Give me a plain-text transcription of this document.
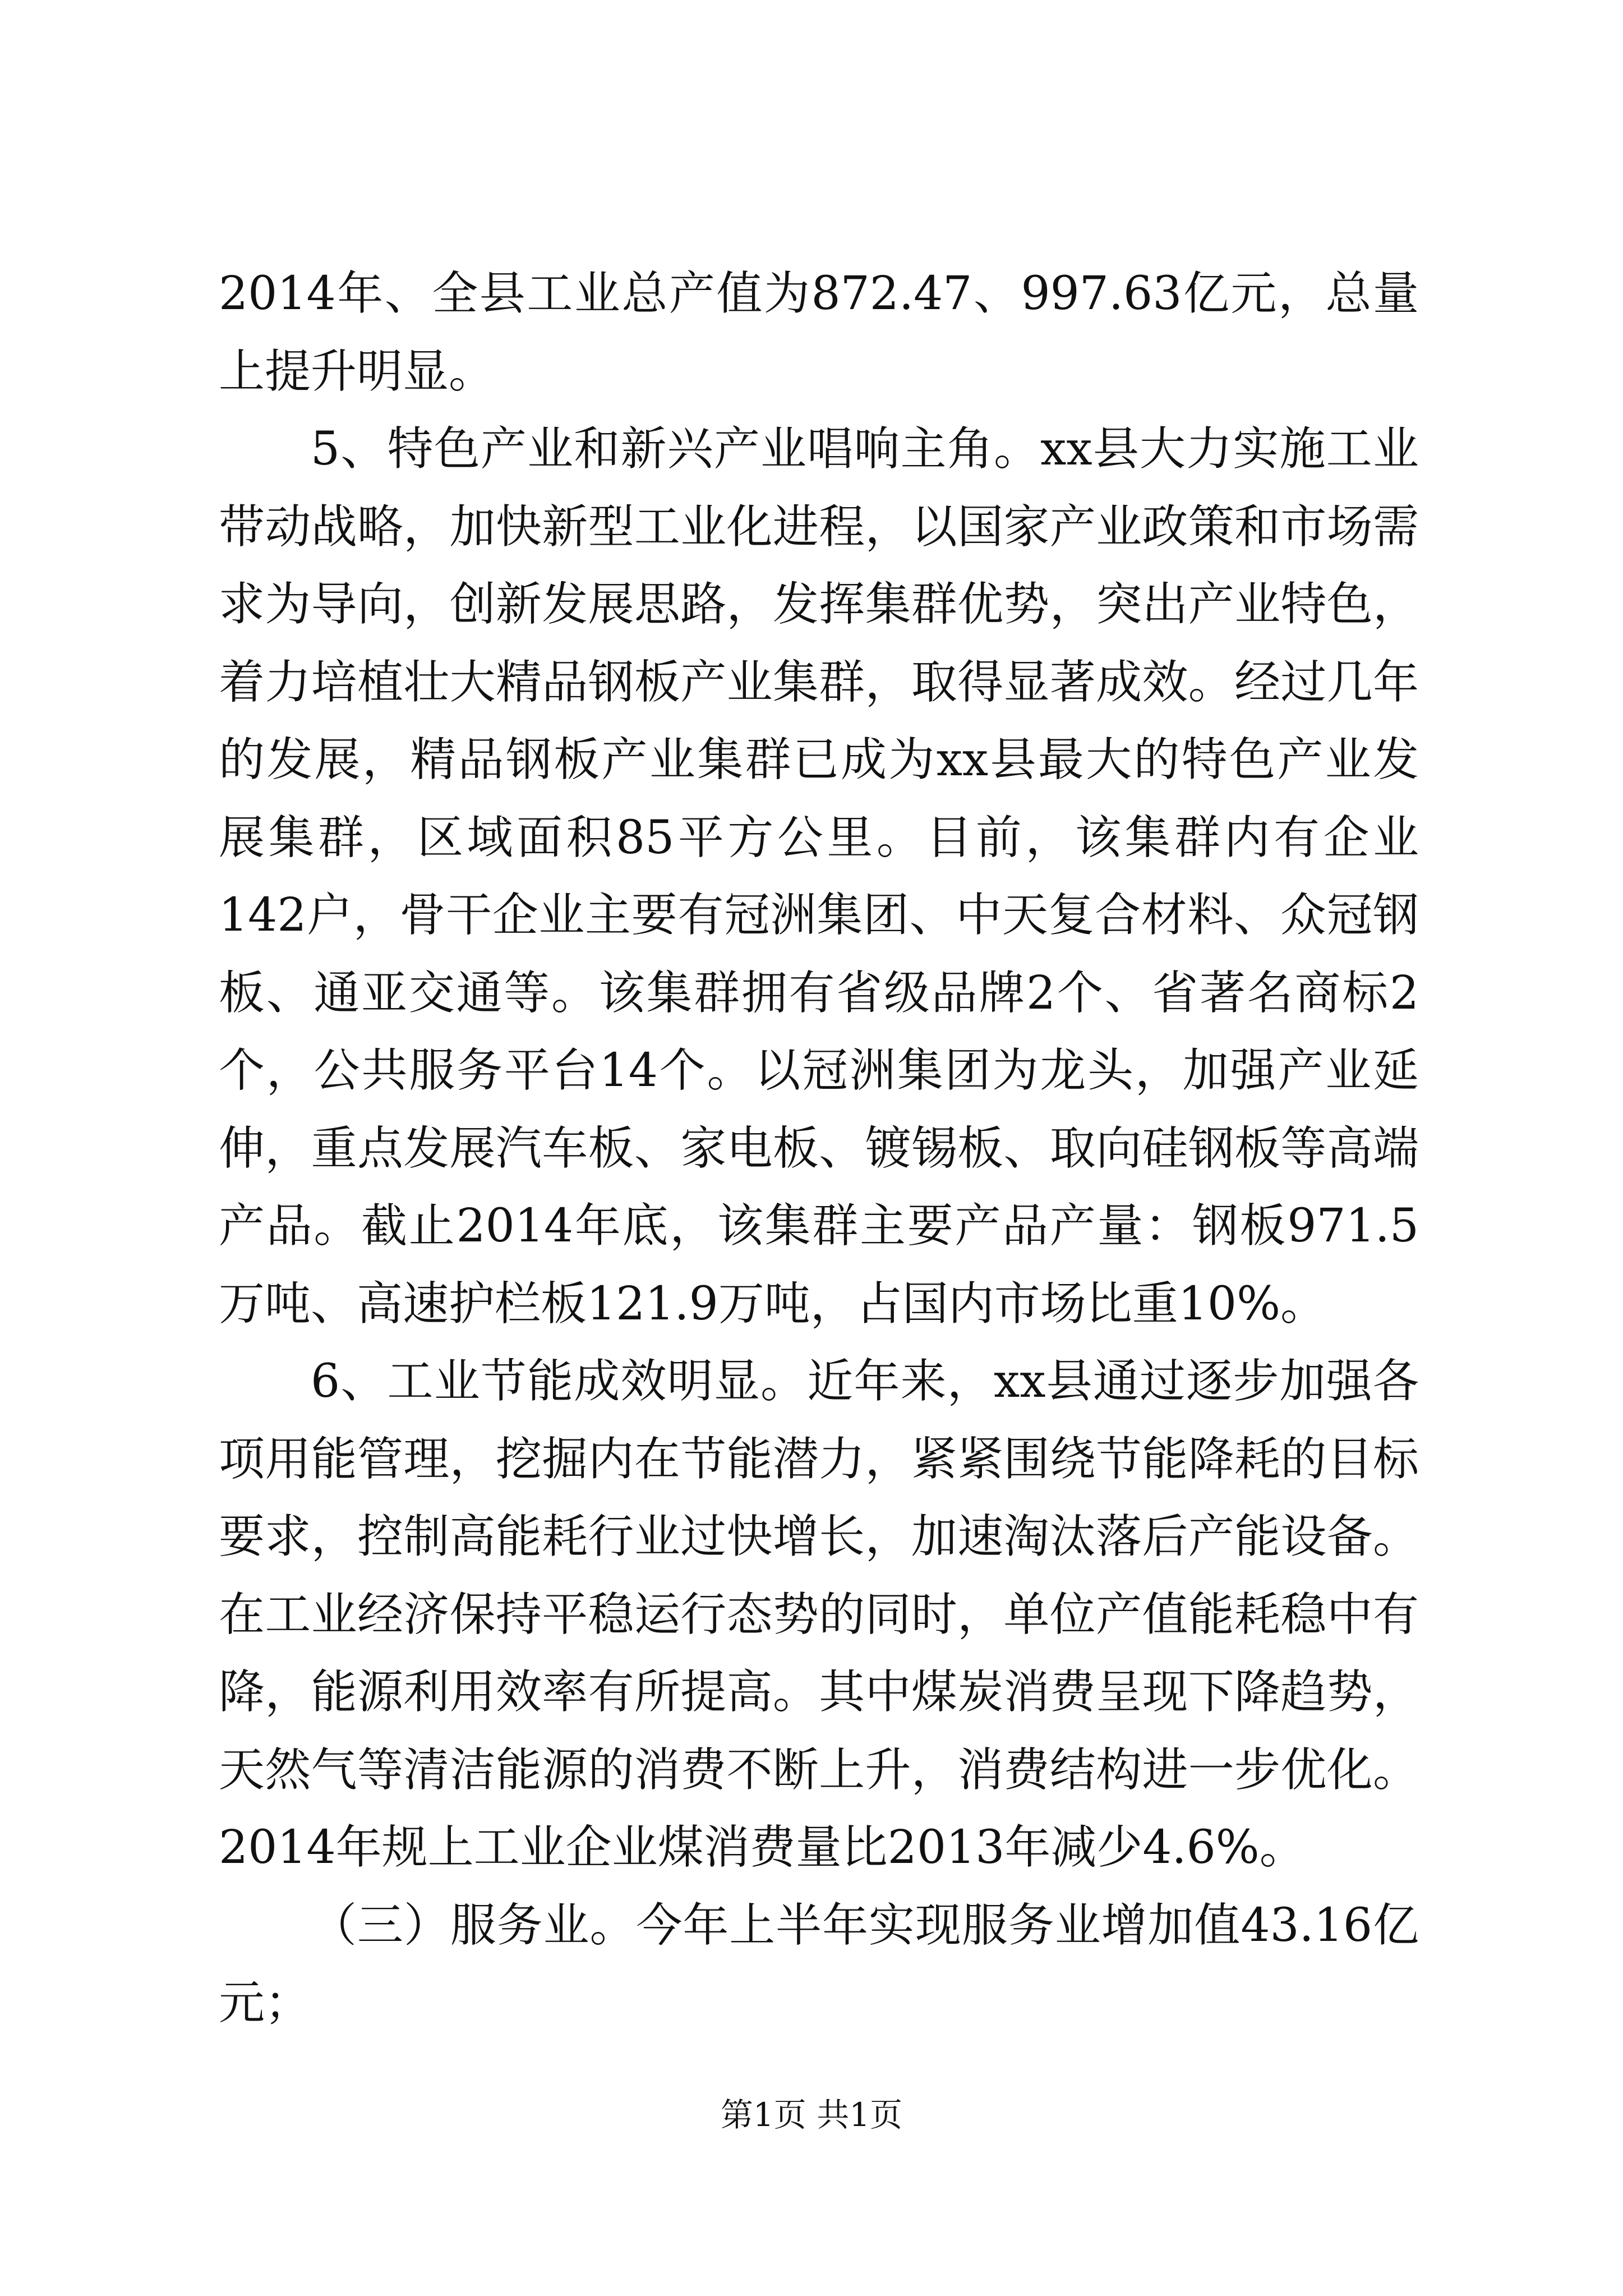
2014年、全县工业总产值为872.47、997.63亿元，总量上提升明显。

5、特色产业和新兴产业唱响主角。xx县大力实施工业带动战略，加快新型工业化进程，以国家产业政策和市场需求为导向，创新发展思路，发挥集群优势，突出产业特色，着力培植壮大精品钢板产业集群，取得显著成效。经过几年的发展，精品钢板产业集群已成为xx县最大的特色产业发展集群，区域面积85平方公里。目前，该集群内有企业142户，骨干企业主要有冠洲集团、中天复合材料、众冠钢板、通亚交通等。该集群拥有省级品牌2个、省著名商标2个，公共服务平台14个。以冠洲集团为龙头，加强产业延伸，重点发展汽车板、家电板、镀锡板、取向硅钢板等高端产品。截止2014年底，该集群主要产品产量：钢板971.5万吨、高速护栏板121.9万吨，占国内市场比重10%。

6、工业节能成效明显。近年来，xx县通过逐步加强各项用能管理，挖掘内在节能潜力，紧紧围绕节能降耗的目标要求，控制高能耗行业过快增长，加速淘汰落后产能设备。在工业经济保持平稳运行态势的同时，单位产值能耗稳中有降，能源利用效率有所提高。其中煤炭消费呈现下降趋势，天然气等清洁能源的消费不断上升，消费结构进一步优化。2014年规上工业企业煤消费量比2013年减少4.6%。

（三）服务业。今年上半年实现服务业增加值43.16亿元；

第1页 共1页
